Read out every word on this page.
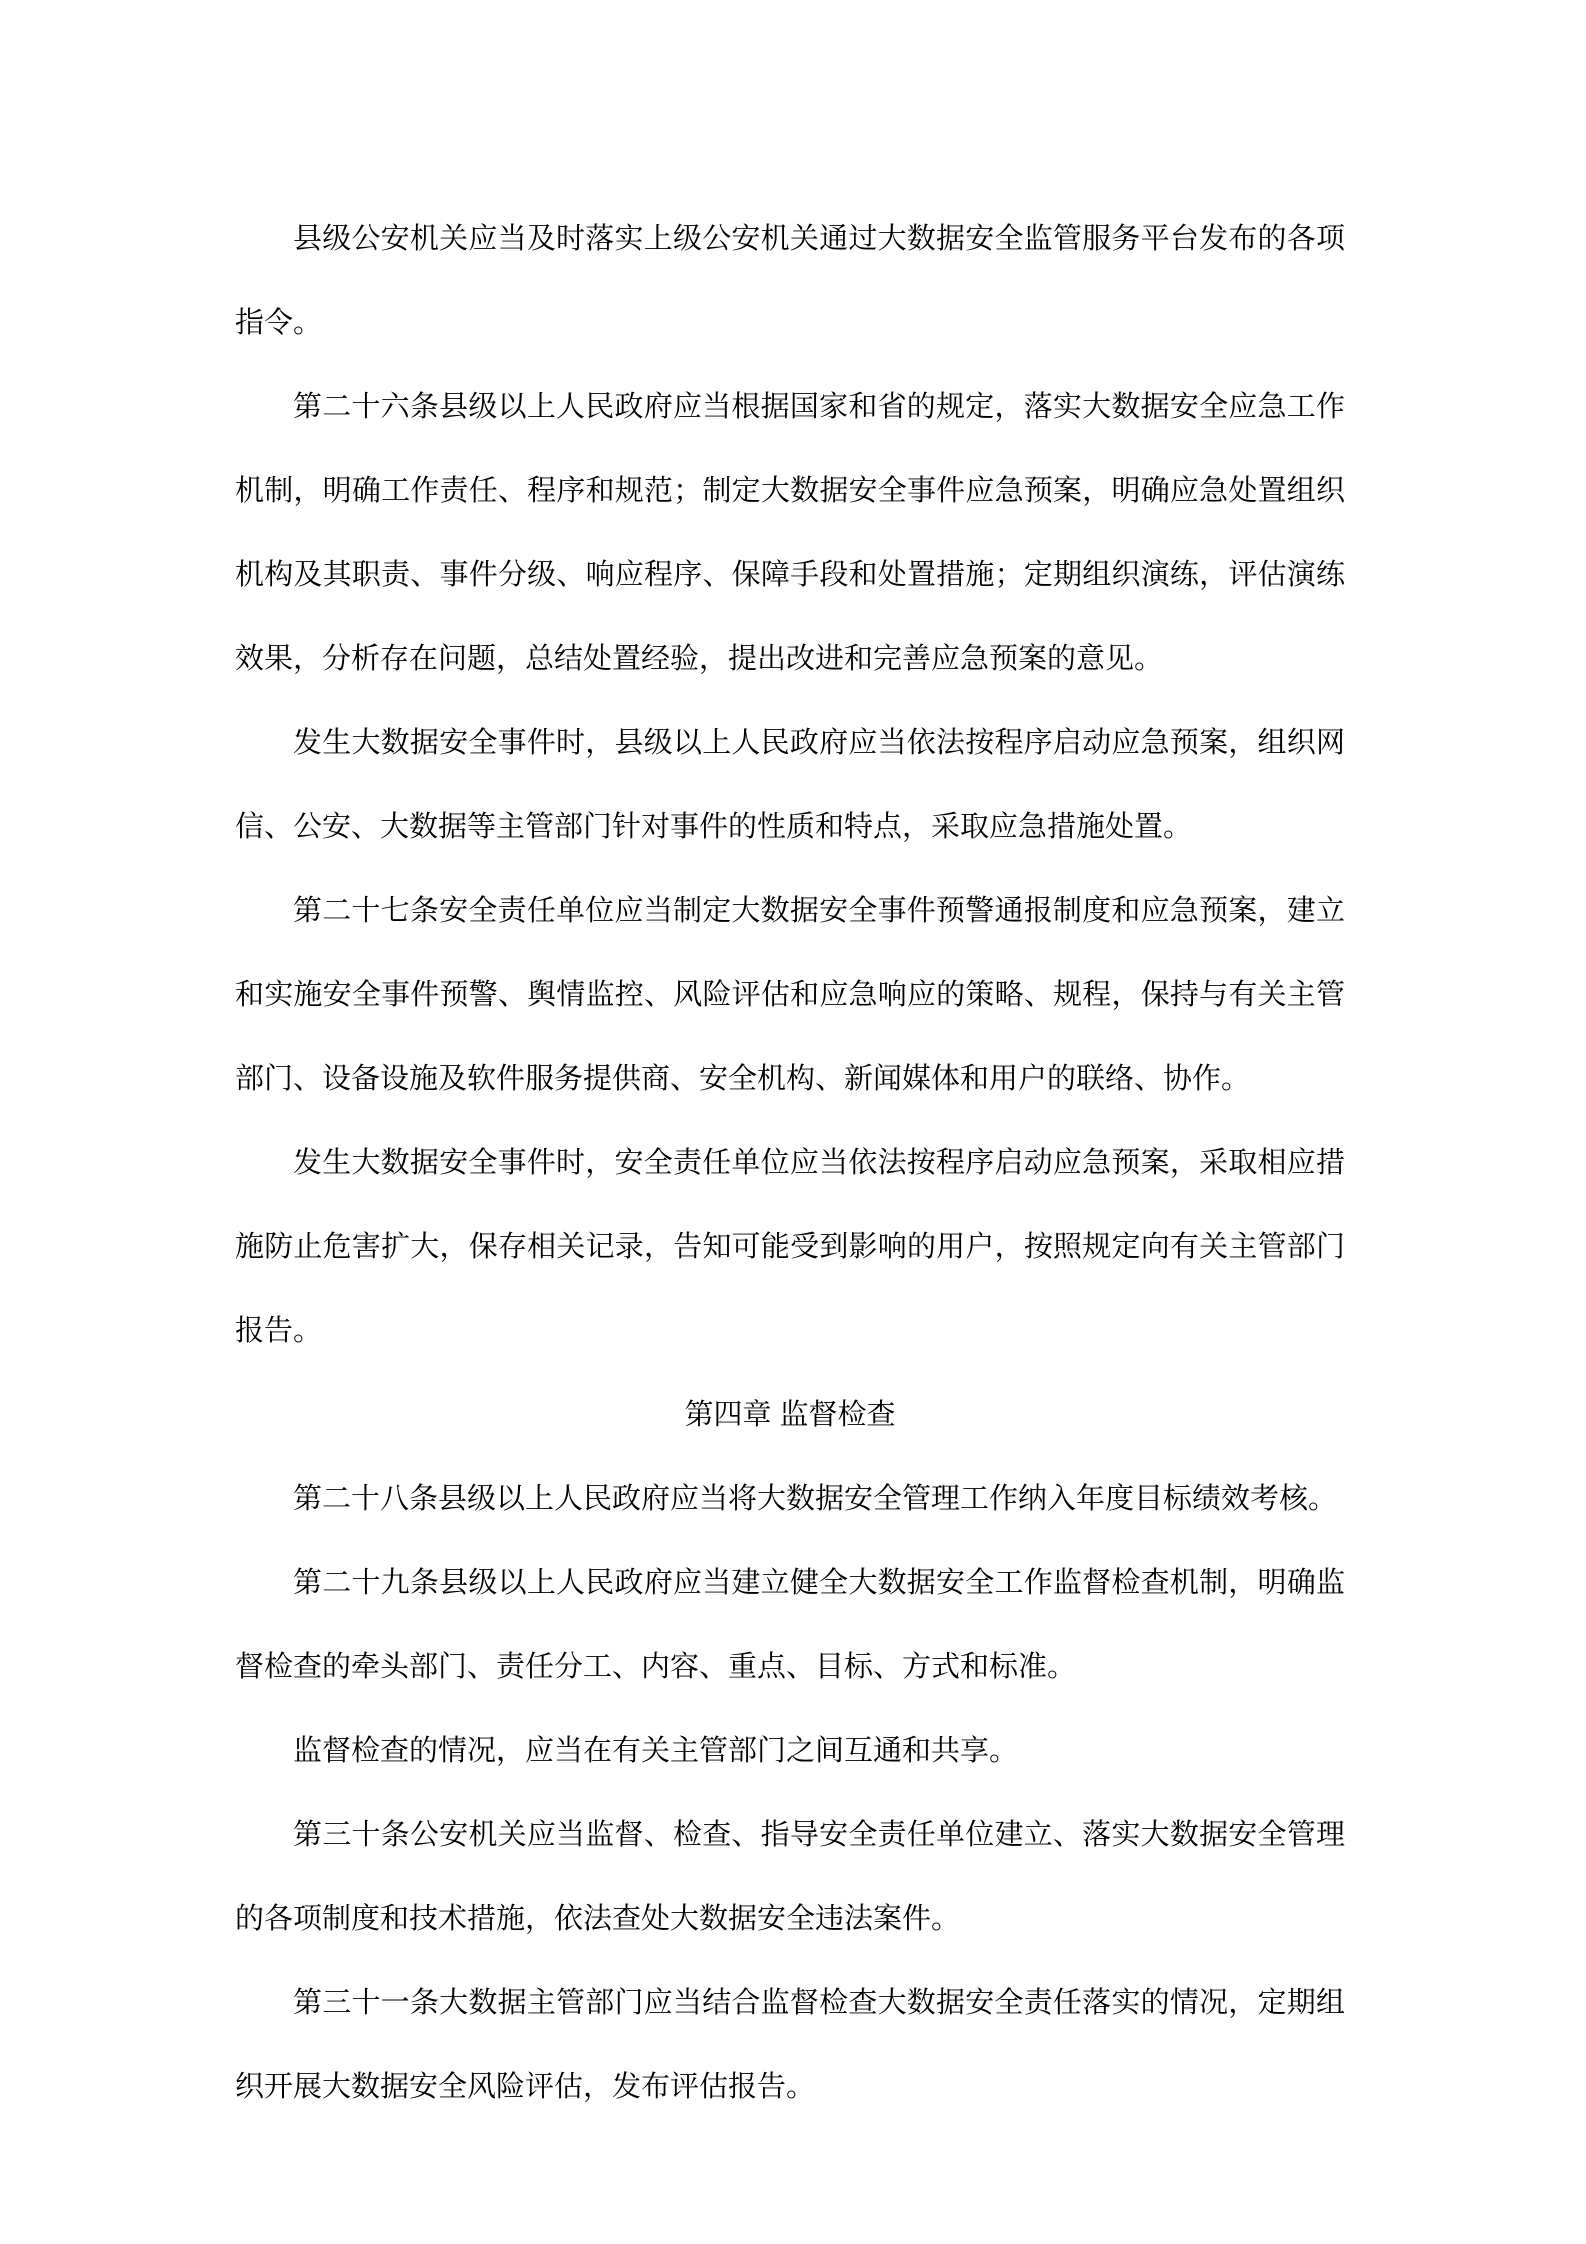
县级公安机关应当及时落实上级公安机关通过大数据安全监管服务平台发布的各项指令。

第二十六条县级以上人民政府应当根据国家和省的规定，落实大数据安全应急工作机制，明确工作责任、程序和规范；制定大数据安全事件应急预案，明确应急处置组织机构及其职责、事件分级、响应程序、保障手段和处置措施；定期组织演练，评估演练效果，分析存在问题，总结处置经验，提出改进和完善应急预案的意见。

发生大数据安全事件时，县级以上人民政府应当依法按程序启动应急预案，组织网信、公安、大数据等主管部门针对事件的性质和特点，采取应急措施处置。

第二十七条安全责任单位应当制定大数据安全事件预警通报制度和应急预案，建立和实施安全事件预警、舆情监控、风险评估和应急响应的策略、规程，保持与有关主管部门、设备设施及软件服务提供商、安全机构、新闻媒体和用户的联络、协作。

发生大数据安全事件时，安全责任单位应当依法按程序启动应急预案，采取相应措施防止危害扩大，保存相关记录，告知可能受到影响的用户，按照规定向有关主管部门报告。

第四章 监督检查

第二十八条县级以上人民政府应当将大数据安全管理工作纳入年度目标绩效考核。

第二十九条县级以上人民政府应当建立健全大数据安全工作监督检查机制，明确监督检查的牵头部门、责任分工、内容、重点、目标、方式和标准。

监督检查的情况，应当在有关主管部门之间互通和共享。

第三十条公安机关应当监督、检查、指导安全责任单位建立、落实大数据安全管理的各项制度和技术措施，依法查处大数据安全违法案件。

第三十一条大数据主管部门应当结合监督检查大数据安全责任落实的情况，定期组织开展大数据安全风险评估，发布评估报告。
